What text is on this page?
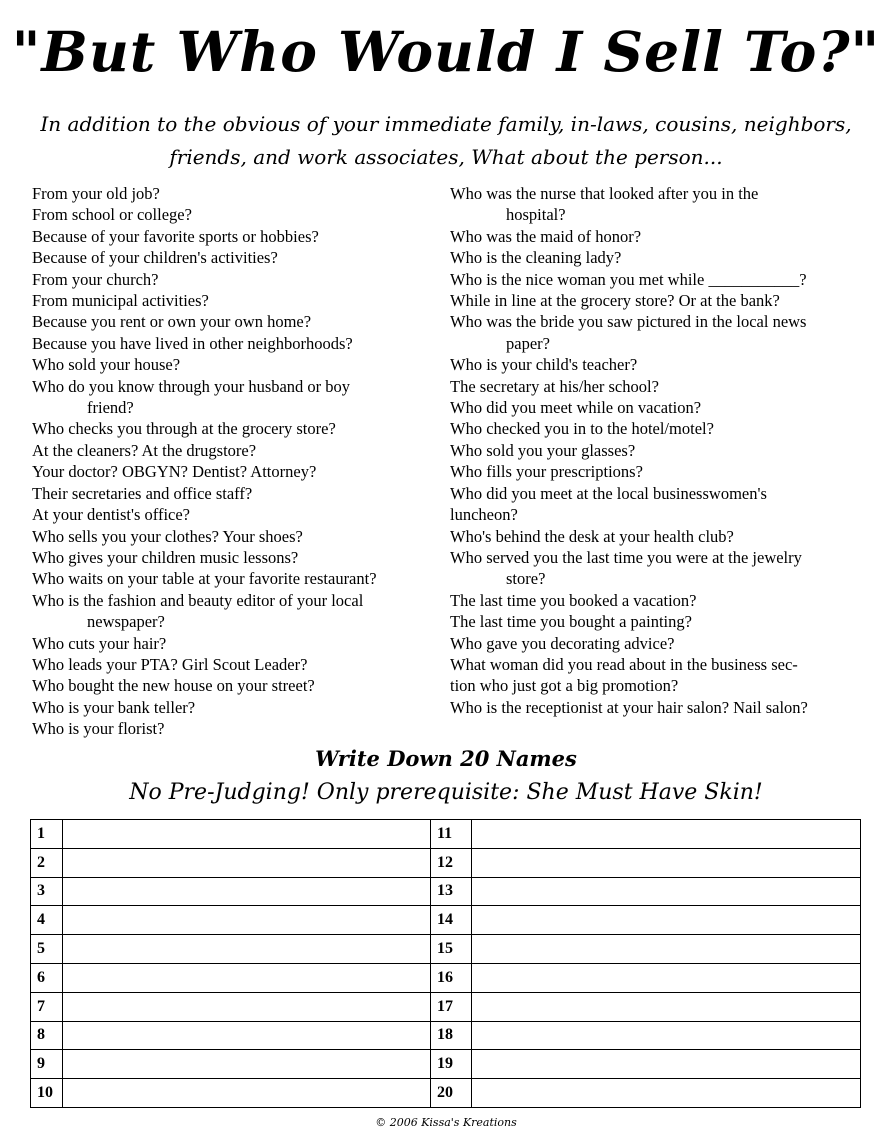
"But Who Would I Sell To?"
In addition to the obvious of your immediate family, in-laws, cousins, neighbors, friends, and work associates, What about the person...
From your old job?
From school or college?
Because of your favorite sports or hobbies?
Because of your children's activities?
From your church?
From municipal activities?
Because you rent or own your own home?
Because you have lived in other neighborhoods?
Who sold your house?
Who do you know through your husband or boy
friend?
Who checks you through at the grocery store?
At the cleaners? At the drugstore?
Your doctor? OBGYN? Dentist? Attorney?
Their secretaries and office staff?
At your dentist's office?
Who sells you your clothes? Your shoes?
Who gives your children music lessons?
Who waits on your table at your favorite restaurant?
Who is the fashion and beauty editor of your local
newspaper?
Who cuts your hair?
Who leads your PTA? Girl Scout Leader?
Who bought the new house on your street?
Who is your bank teller?
Who is your florist?
Who was the nurse that looked after you in the
hospital?
Who was the maid of honor?
Who is the cleaning lady?
Who is the nice woman you met while ___________?
While in line at the grocery store? Or at the bank?
Who was the bride you saw pictured in the local news
paper?
Who is your child's teacher?
The secretary at his/her school?
Who did you meet while on vacation?
Who checked you in to the hotel/motel?
Who sold you your glasses?
Who fills your prescriptions?
Who did you meet at the local businesswomen's
luncheon?
Who's behind the desk at your health club?
Who served you the last time you were at the jewelry
store?
The last time you booked a vacation?
The last time you bought a painting?
Who gave you decorating advice?
What woman did you read about in the business sec-
tion who just got a big promotion?
Who is the receptionist at your hair salon? Nail salon?
Write Down 20 Names
No Pre-Judging! Only prerequisite: She Must Have Skin!
1		11	
2		12	
3		13	
4		14	
5		15	
6		16	
7		17	
8		18	
9		19	
10		20	
© 2006 Kissa's Kreations
